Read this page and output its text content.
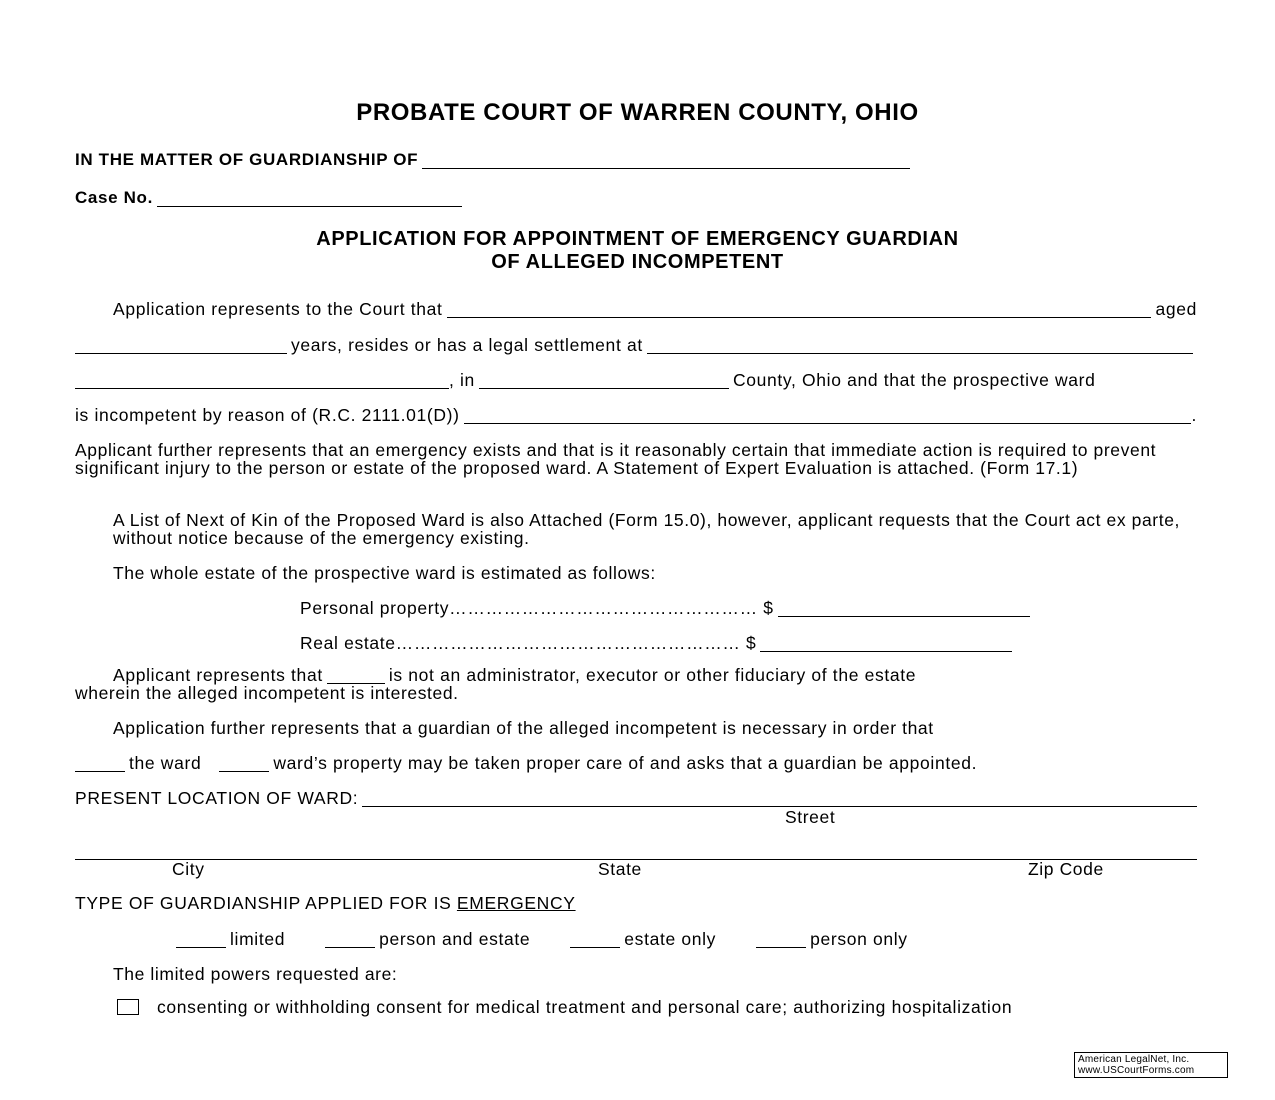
PROBATE COURT OF WARREN COUNTY, OHIO
IN THE MATTER OF GUARDIANSHIP OF
Case No.
APPLICATION FOR APPOINTMENT OF EMERGENCY GUARDIAN
OF ALLEGED INCOMPETENT
Application represents to the Court that	aged
years, resides or has a legal settlement at
, in	County, Ohio and that the prospective ward
is incompetent by reason of (R.C. 2111.01(D))	.
Applicant further represents that an emergency exists and that is it reasonably certain that immediate action is required to prevent significant injury to the person or estate of the proposed ward. A Statement of Expert Evaluation is attached. (Form 17.1)
A List of Next of Kin of the Proposed Ward is also Attached (Form 15.0), however, applicant requests that the Court act ex parte, without notice because of the emergency existing.
The whole estate of the prospective ward is estimated as follows:
Personal property…………………………………………… $
Real estate………………………………………………… $
Applicant represents that	is not an administrator, executor or other fiduciary of the estate
wherein the alleged incompetent is interested.
Application further represents that a guardian of the alleged incompetent is necessary in order that
the ward	ward’s property may be taken proper care of and asks that a guardian be appointed.
PRESENT LOCATION OF WARD:
Street
City	State	Zip Code
TYPE OF GUARDIANSHIP APPLIED FOR IS
EMERGENCY
limited	person and estate	estate only	person only
The limited powers requested are:
consenting or withholding consent for medical treatment and personal care; authorizing hospitalization
American LegalNet, Inc.
www.USCourtForms.com
